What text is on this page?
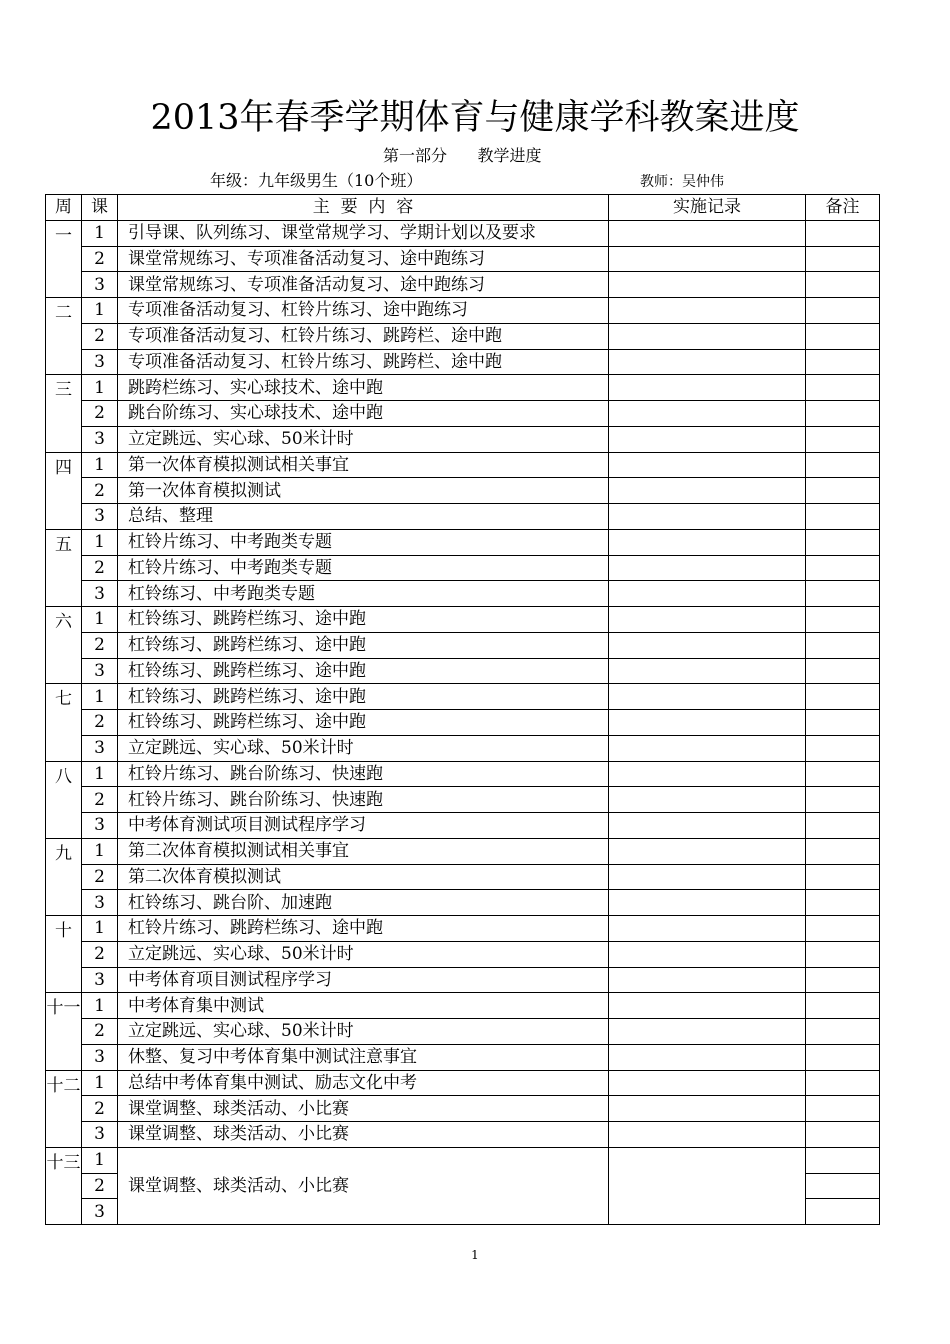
2013年春季学期体育与健康学科教案进度
第一部分      教学进度
年级：九年级男生（10个班）	教师：吴仲伟
周	课	主  要  内  容	实施记录	备注
一	1	引导课、队列练习、课堂常规学习、学期计划以及要求		
	2	课堂常规练习、专项准备活动复习、途中跑练习		
	3	课堂常规练习、专项准备活动复习、途中跑练习		
二	1	专项准备活动复习、杠铃片练习、途中跑练习		
	2	专项准备活动复习、杠铃片练习、跳跨栏、途中跑		
	3	专项准备活动复习、杠铃片练习、跳跨栏、途中跑		
三	1	跳跨栏练习、实心球技术、途中跑		
	2	跳台阶练习、实心球技术、途中跑		
	3	立定跳远、实心球、50米计时		
四	1	第一次体育模拟测试相关事宜		
	2	第一次体育模拟测试		
	3	总结、整理		
五	1	杠铃片练习、中考跑类专题		
	2	杠铃片练习、中考跑类专题		
	3	杠铃练习、中考跑类专题		
六	1	杠铃练习、跳跨栏练习、途中跑		
	2	杠铃练习、跳跨栏练习、途中跑		
	3	杠铃练习、跳跨栏练习、途中跑		
七	1	杠铃练习、跳跨栏练习、途中跑		
	2	杠铃练习、跳跨栏练习、途中跑		
	3	立定跳远、实心球、50米计时		
八	1	杠铃片练习、跳台阶练习、快速跑		
	2	杠铃片练习、跳台阶练习、快速跑		
	3	中考体育测试项目测试程序学习		
九	1	第二次体育模拟测试相关事宜		
	2	第二次体育模拟测试		
	3	杠铃练习、跳台阶、加速跑		
十	1	杠铃片练习、跳跨栏练习、途中跑		
	2	立定跳远、实心球、50米计时		
	3	中考体育项目测试程序学习		
十一	1	中考体育集中测试		
	2	立定跳远、实心球、50米计时		
	3	休整、复习中考体育集中测试注意事宜		
十二	1	总结中考体育集中测试、励志文化中考		
	2	课堂调整、球类活动、小比赛		
	3	课堂调整、球类活动、小比赛		
十三	1	课堂调整、球类活动、小比赛		
	2			
	3			
1
